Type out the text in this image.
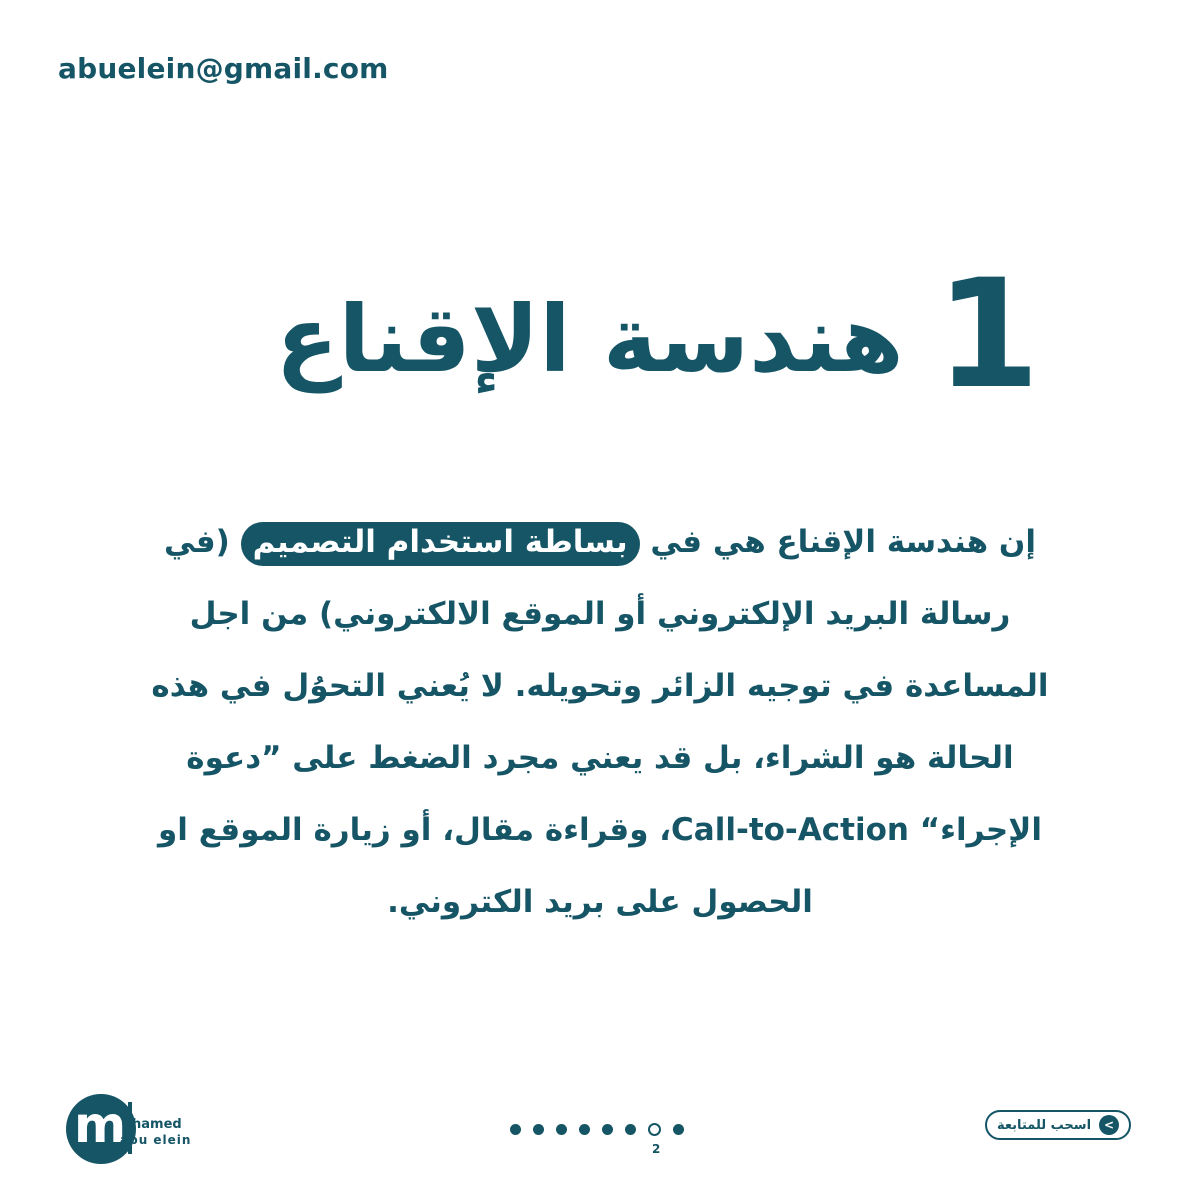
abuelein@gmail.com
1
هندسة الإقناع
إن هندسة الإقناع هي في بساطة استخدام التصميم (في رسالة البريد الإلكتروني أو الموقع الالكتروني) من اجل المساعدة في توجيه الزائر وتحويله. لا يُعني التحوُل في هذه الحالة هو الشراء، بل قد يعني مجرد الضغط على ”دعوة الإجراء“ Call-to-Action، وقراءة مقال، أو زيارة الموقع او الحصول على بريد الكتروني.
m hamed
abu elein
2
>
اسحب للمتابعة
